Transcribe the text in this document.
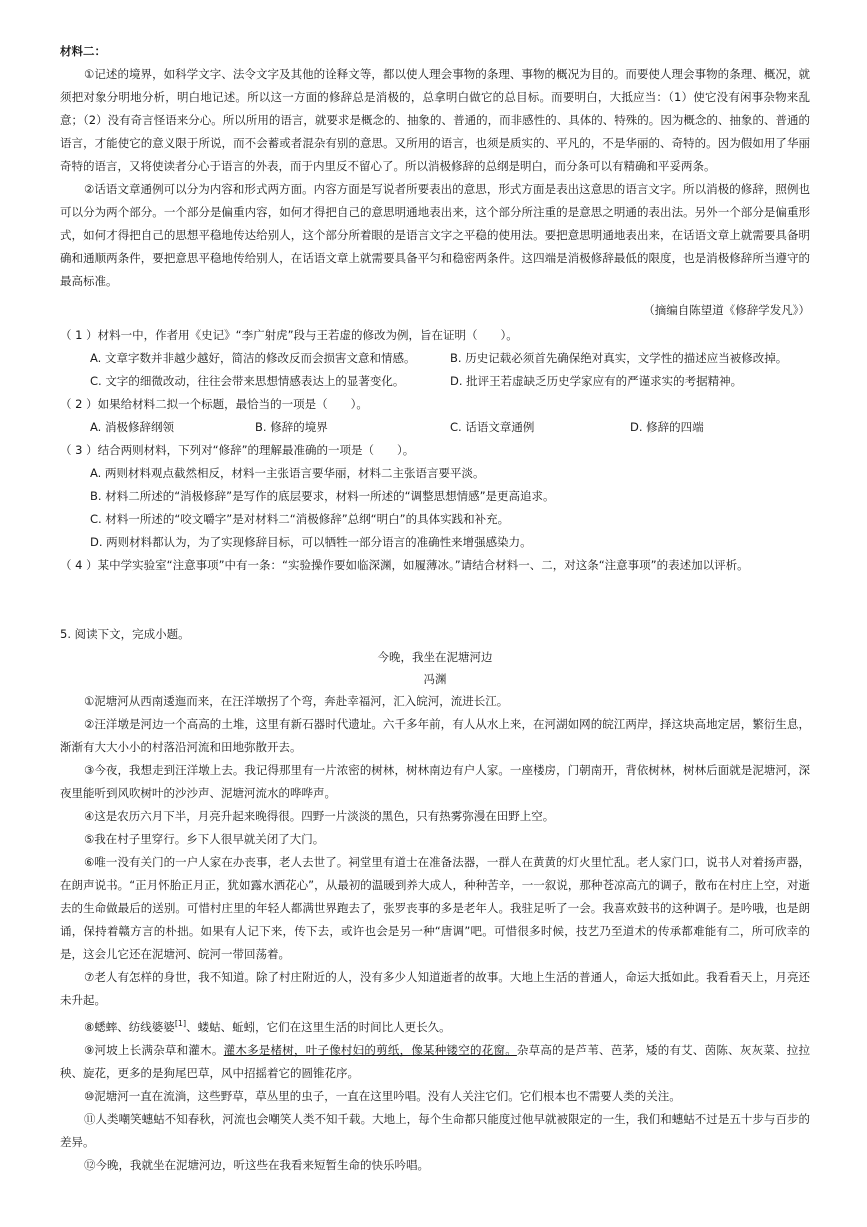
材料二：

①记述的境界，如科学文字、法令文字及其他的诠释文等，都以使人理会事物的条理、事物的概况为目的。而要使人理会事物的条理、概况，就须把对象分明地分析，明白地记述。所以这一方面的修辞总是消极的，总拿明白做它的总目标。而要明白，大抵应当：（1）使它没有闲事杂物来乱意；（2）没有奇言怪语来分心。所以所用的语言，就要求是概念的、抽象的、普通的，而非感性的、具体的、特殊的。因为概念的、抽象的、普通的语言，才能使它的意义限于所说，而不会蓄或者混杂有别的意思。又所用的语言，也须是质实的、平凡的，不是华丽的、奇特的。因为假如用了华丽奇特的语言，又将使读者分心于语言的外表，而于内里反不留心了。所以消极修辞的总纲是明白，而分条可以有精确和平妥两条。

②话语文章通例可以分为内容和形式两方面。内容方面是写说者所要表出的意思，形式方面是表出这意思的语言文字。所以消极的修辞，照例也可以分为两个部分。一个部分是偏重内容，如何才得把自己的意思明通地表出来，这个部分所注重的是意思之明通的表出法。另外一个部分是偏重形式，如何才得把自己的思想平稳地传达给别人，这个部分所着眼的是语言文字之平稳的使用法。要把意思明通地表出来，在话语文章上就需要具备明确和通顺两条件，要把意思平稳地传给别人，在话语文章上就需要具备平匀和稳密两条件。这四端是消极修辞最低的限度，也是消极修辞所当遵守的最高标准。

（摘编自陈望道《修辞学发凡》）

（ 1 ）材料一中，作者用《史记》“李广射虎”段与王若虚的修改为例，旨在证明（　　）。

A. 文章字数并非越少越好，简洁的修改反而会损害文意和情感。	B. 历史记载必须首先确保绝对真实，文学性的描述应当被修改掉。
C. 文字的细微改动，往往会带来思想情感表达上的显著变化。	D. 批评王若虚缺乏历史学家应有的严谨求实的考据精神。

（ 2 ）如果给材料二拟一个标题，最恰当的一项是（　　）。

A. 消极修辞纲领	B. 修辞的境界	C. 话语文章通例	D. 修辞的四端

（ 3 ）结合两则材料，下列对“修辞”的理解最准确的一项是（　　）。

A. 两则材料观点截然相反，材料一主张语言要华丽，材料二主张语言要平淡。

B. 材料二所述的“消极修辞”是写作的底层要求，材料一所述的“调整思想情感”是更高追求。

C. 材料一所述的“咬文嚼字”是对材料二“消极修辞”总纲“明白”的具体实践和补充。

D. 两则材料都认为，为了实现修辞目标，可以牺牲一部分语言的准确性来增强感染力。

（ 4 ）某中学实验室“注意事项”中有一条：“实验操作要如临深渊，如履薄冰。”请结合材料一、二，对这条“注意事项”的表述加以评析。

5. 阅读下文，完成小题。

今晚，我坐在泥塘河边
冯渊

①泥塘河从西南逶迤而来，在汪洋墩拐了个弯，奔赴幸福河，汇入皖河，流进长江。

②汪洋墩是河边一个高高的土堆，这里有新石器时代遗址。六千多年前，有人从水上来，在河湖如网的皖江两岸，择这块高地定居，繁衍生息，渐渐有大大小小的村落沿河流和田地弥散开去。

③今夜，我想走到汪洋墩上去。我记得那里有一片浓密的树林，树林南边有户人家。一座楼房，门朝南开，背依树林，树林后面就是泥塘河，深夜里能听到风吹树叶的沙沙声、泥塘河流水的哗哗声。

④这是农历六月下半，月亮升起来晚得很。四野一片淡淡的黑色，只有热雾弥漫在田野上空。

⑤我在村子里穿行。乡下人很早就关闭了大门。

⑥唯一没有关门的一户人家在办丧事，老人去世了。祠堂里有道士在准备法器，一群人在黄黄的灯火里忙乱。老人家门口，说书人对着扬声器，在朗声说书。“正月怀胎正月正，犹如露水洒花心”，从最初的温暖到养大成人，种种苦辛，一一叙说，那种苍凉高亢的调子，散布在村庄上空，对逝去的生命做最后的送别。可惜村庄里的年轻人都满世界跑去了，张罗丧事的多是老年人。我驻足听了一会。我喜欢鼓书的这种调子。是吟哦，也是朗诵，保持着赣方言的朴拙。如果有人记下来，传下去，或许也会是另一种“唐调”吧。可惜很多时候，技艺乃至道术的传承都难能有二，所可欣幸的是，这会儿它还在泥塘河、皖河一带回荡着。

⑦老人有怎样的身世，我不知道。除了村庄附近的人，没有多少人知道逝者的故事。大地上生活的普通人，命运大抵如此。我看看天上，月亮还未升起。

⑧蟋蟀、纺线婆婆[1]、蝼蛄、蚯蚓，它们在这里生活的时间比人更长久。

⑨河坡上长满杂草和灌木。灌木多是楮树，叶子像村妇的剪纸，像某种镂空的花窗。杂草高的是芦苇、芭茅，矮的有艾、茵陈、灰灰菜、拉拉秧、旋花，更多的是狗尾巴草，风中招摇着它的圆锥花序。

⑩泥塘河一直在流淌，这些野草，草丛里的虫子，一直在这里吟唱。没有人关注它们。它们根本也不需要人类的关注。

⑪人类嘲笑蟪蛄不知春秋，河流也会嘲笑人类不知千载。大地上，每个生命都只能度过他早就被限定的一生，我们和蟪蛄不过是五十步与百步的差异。

⑫今晚，我就坐在泥塘河边，听这些在我看来短暂生命的快乐吟唱。
